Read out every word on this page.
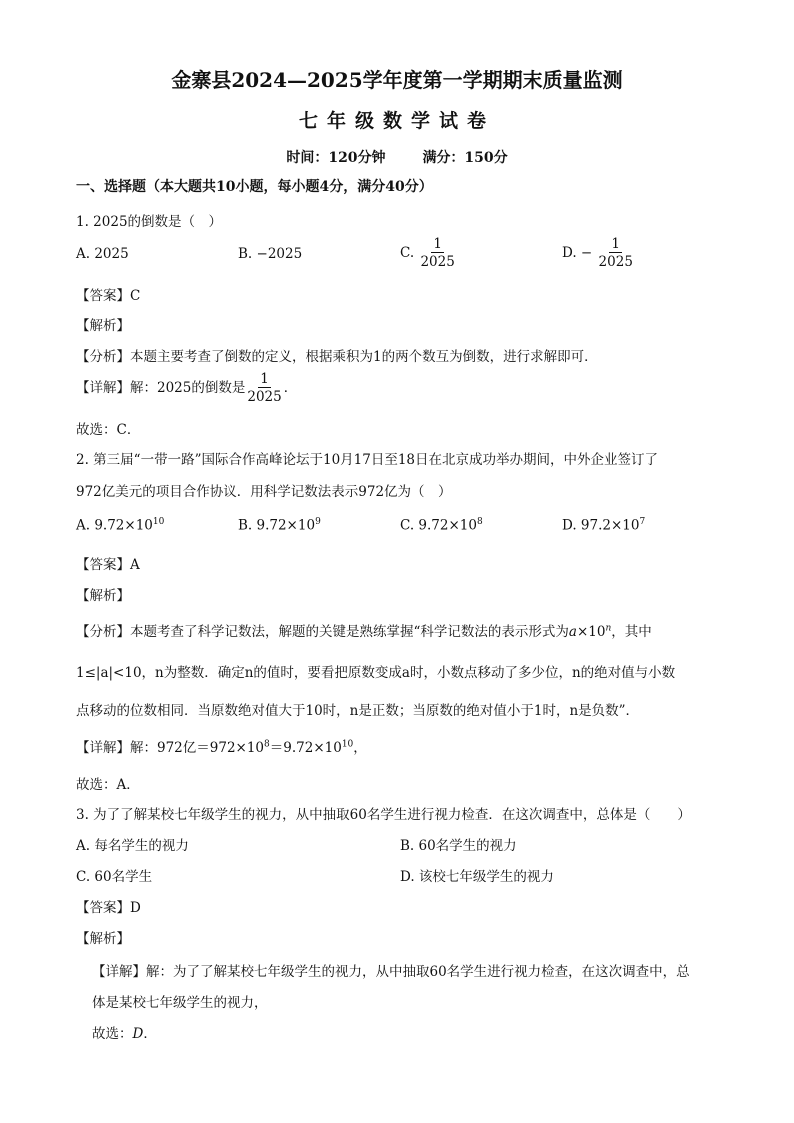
金寨县2024—2025学年度第一学期期末质量监测
七年级数学试卷
时间：120分钟	满分：150分
一、选择题（本大题共10小题，每小题4分，满分40分）
1. 2025的倒数是（　）
A. 2025	B. −2025	C. $\frac{1}{2025}$	D. − $\frac{1}{2025}$
【答案】C
【解析】
【分析】本题主要考查了倒数的定义，根据乘积为1的两个数互为倒数，进行求解即可．
【详解】解：2025的倒数是 $\frac{1}{2025}$ ．
故选：C．
2. 第三届“一带一路”国际合作高峰论坛于10月17日至18日在北京成功举办期间，中外企业签订了
972亿美元的项目合作协议．用科学记数法表示972亿为（　）
A. $9.72\times 10^{10}$	B. $9.72\times 10^9$	C. $9.72\times 10^8$	D. $97.2\times 10^7$
【答案】A
【解析】
【分析】本题考查了科学记数法，解题的关键是熟练掌握“科学记数法的表示形式为$a\times 10^n$，其中
1≤|a|<10，n为整数．确定n的值时，要看把原数变成a时，小数点移动了多少位，n的绝对值与小数
点移动的位数相同．当原数绝对值大于10时，n是正数；当原数的绝对值小于1时，n是负数”．
【详解】解：972亿$=972\times 10^8=9.72\times 10^{10}$，
故选：A．
3. 为了了解某校七年级学生的视力，从中抽取60名学生进行视力检查．在这次调查中，总体是（　　）
A. 每名学生的视力	B. 60名学生的视力
C. 60名学生	D. 该校七年级学生的视力
【答案】D
【解析】
【详解】解：为了了解某校七年级学生的视力，从中抽取60名学生进行视力检查，在这次调查中，总
体是某校七年级学生的视力，
故选：D．
